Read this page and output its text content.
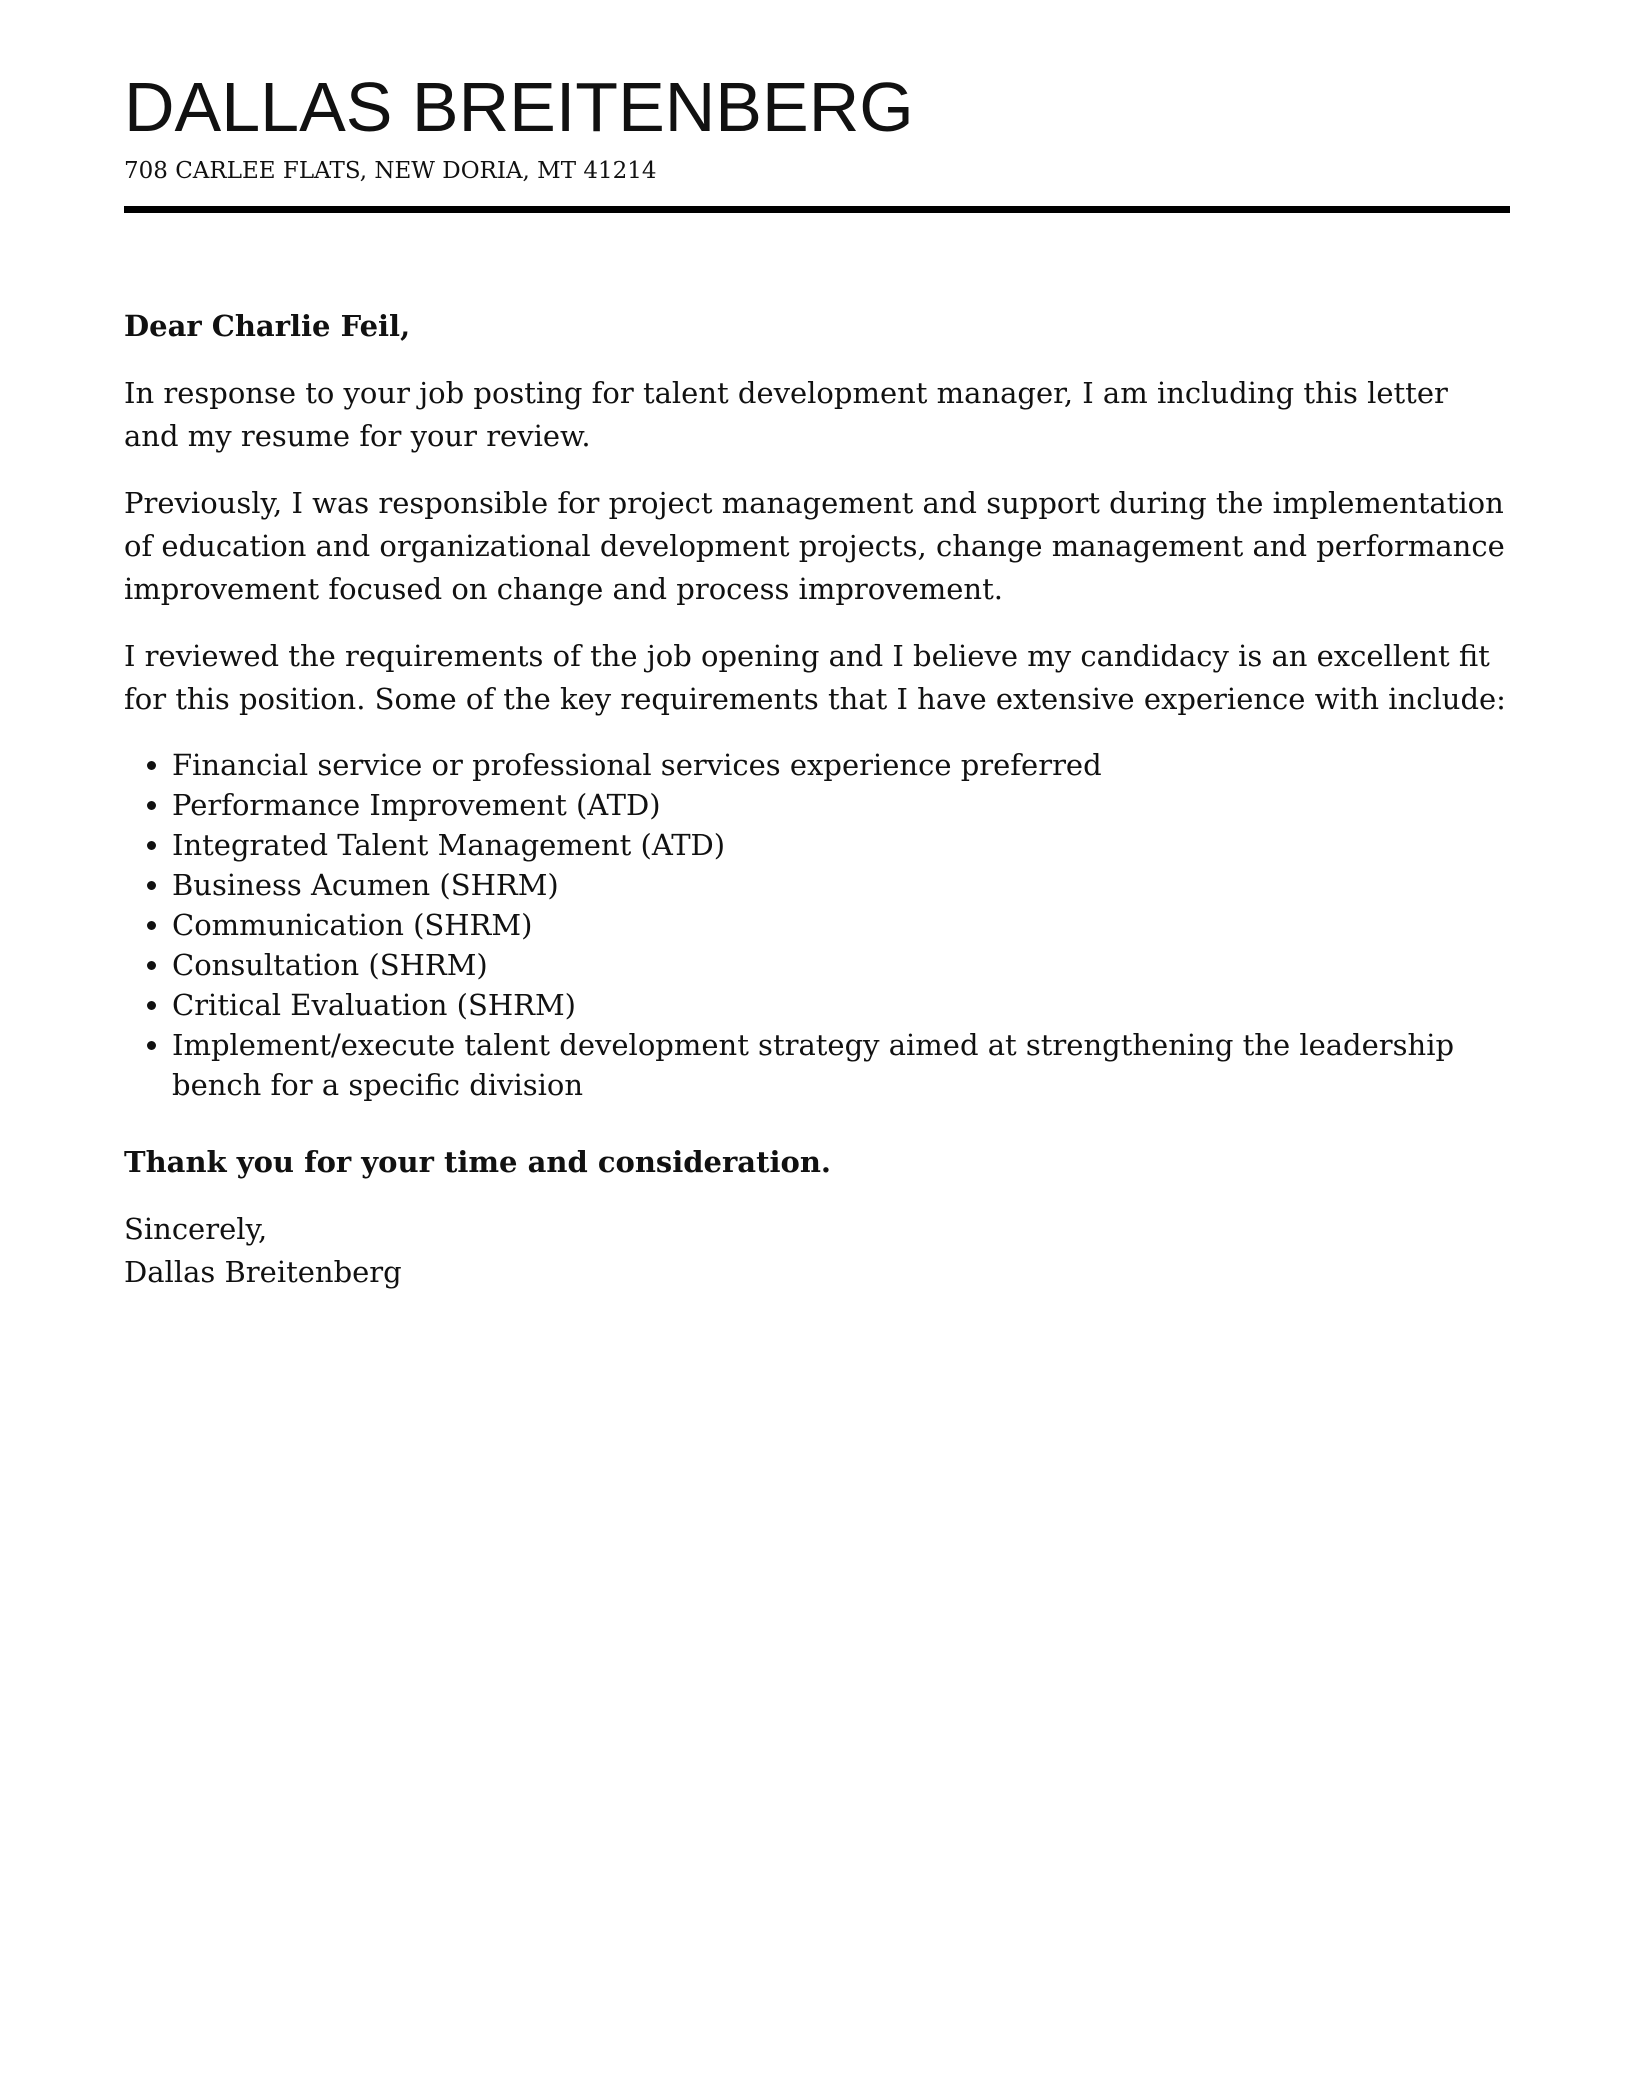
DALLAS BREITENBERG
708 CARLEE FLATS, NEW DORIA, MT 41214

Dear Charlie Feil,

In response to your job posting for talent development manager, I am including this letter and my resume for your review.

Previously, I was responsible for project management and support during the implementation of education and organizational development projects, change management and performance improvement focused on change and process improvement.

I reviewed the requirements of the job opening and I believe my candidacy is an excellent fit for this position. Some of the key requirements that I have extensive experience with include:

• Financial service or professional services experience preferred
• Performance Improvement (ATD)
• Integrated Talent Management (ATD)
• Business Acumen (SHRM)
• Communication (SHRM)
• Consultation (SHRM)
• Critical Evaluation (SHRM)
• Implement/execute talent development strategy aimed at strengthening the leadership bench for a specific division

Thank you for your time and consideration.

Sincerely,

Dallas Breitenberg
